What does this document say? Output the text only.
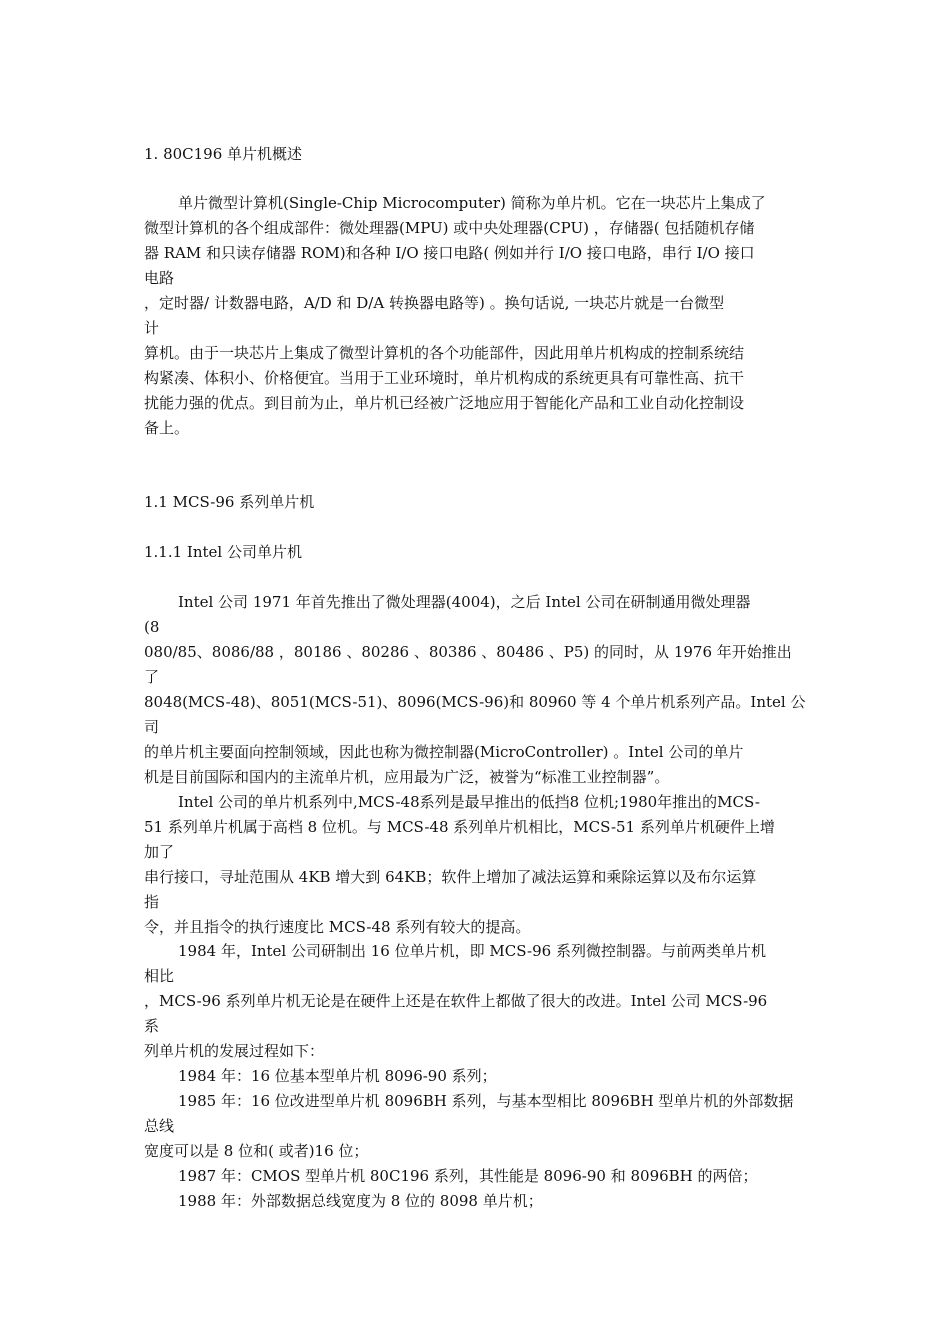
1. 80C196 单片机概述

单片微型计算机(Single-Chip Microcomputer) 简称为单片机。它在一块芯片上集成了

微型计算机的各个组成部件：微处理器(MPU) 或中央处理器(CPU) ，存储器( 包括随机存储

器 RAM 和只读存储器 ROM)和各种 I/O 接口电路( 例如并行 I/O 接口电路，串行 I/O 接口

电路

，定时器/ 计数器电路，A/D 和 D/A 转换器电路等) 。换句话说, 一块芯片就是一台微型

计

算机。由于一块芯片上集成了微型计算机的各个功能部件，因此用单片机构成的控制系统结

构紧凑、体积小、价格便宜。当用于工业环境时，单片机构成的系统更具有可靠性高、抗干

扰能力强的优点。到目前为止，单片机已经被广泛地应用于智能化产品和工业自动化控制设

备上。

1.1 MCS-96 系列单片机

1.1.1 Intel 公司单片机

Intel 公司 1971 年首先推出了微处理器(4004)，之后 Intel 公司在研制通用微处理器

(8

080/85、8086/88 ，80186 、80286 、80386 、80486 、P5) 的同时，从 1976 年开始推出

了

8048(MCS-48)、8051(MCS-51)、8096(MCS-96)和 80960 等 4 个单片机系列产品。Intel 公

司

的单片机主要面向控制领域，因此也称为微控制器(MicroController) 。Intel 公司的单片

机是目前国际和国内的主流单片机，应用最为广泛，被誉为“标准工业控制器”。

Intel 公司的单片机系列中,MCS-48系列是最早推出的低挡8 位机;1980年推出的MCS-

51 系列单片机属于高档 8 位机。与 MCS-48 系列单片机相比，MCS-51 系列单片机硬件上增

加了

串行接口，寻址范围从 4KB 增大到 64KB；软件上增加了减法运算和乘除运算以及布尔运算

指

令，并且指令的执行速度比 MCS-48 系列有较大的提高。

1984 年，Intel 公司研制出 16 位单片机，即 MCS-96 系列微控制器。与前两类单片机

相比

，MCS-96 系列单片机无论是在硬件上还是在软件上都做了很大的改进。Intel 公司 MCS-96

系

列单片机的发展过程如下：

1984 年：16 位基本型单片机 8096-90 系列；

1985 年：16 位改进型单片机 8096BH 系列，与基本型相比 8096BH 型单片机的外部数据

总线

宽度可以是 8 位和( 或者)16 位；

1987 年：CMOS 型单片机 80C196 系列，其性能是 8096-90 和 8096BH 的两倍；

1988 年：外部数据总线宽度为 8 位的 8098 单片机；
